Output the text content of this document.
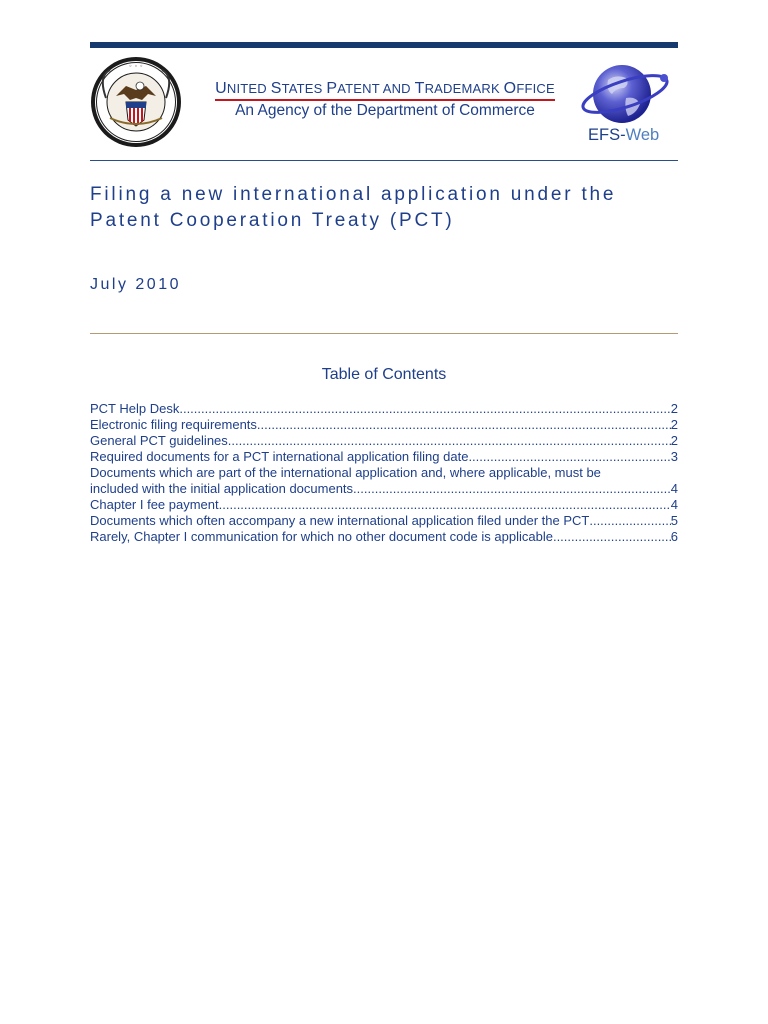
◦ ◦ ◦
UNITED STATES PATENT AND TRADEMARK OFFICE
An Agency of the Department of Commerce
EFS-Web
Filing a new international application under the
Patent Cooperation Treaty (PCT)
July 2010
Table of Contents
PCT Help Desk .....	2
Electronic filing requirements .....	2
General PCT guidelines .....	2
Required documents for a PCT international application filing date .....	3
Documents which are part of the international application and, where applicable, must be
included with the initial application documents .....	4
Chapter I fee payment .....	4
Documents which often accompany a new international application filed under the PCT .....	5
Rarely, Chapter I communication for which no other document code is applicable .....	6
